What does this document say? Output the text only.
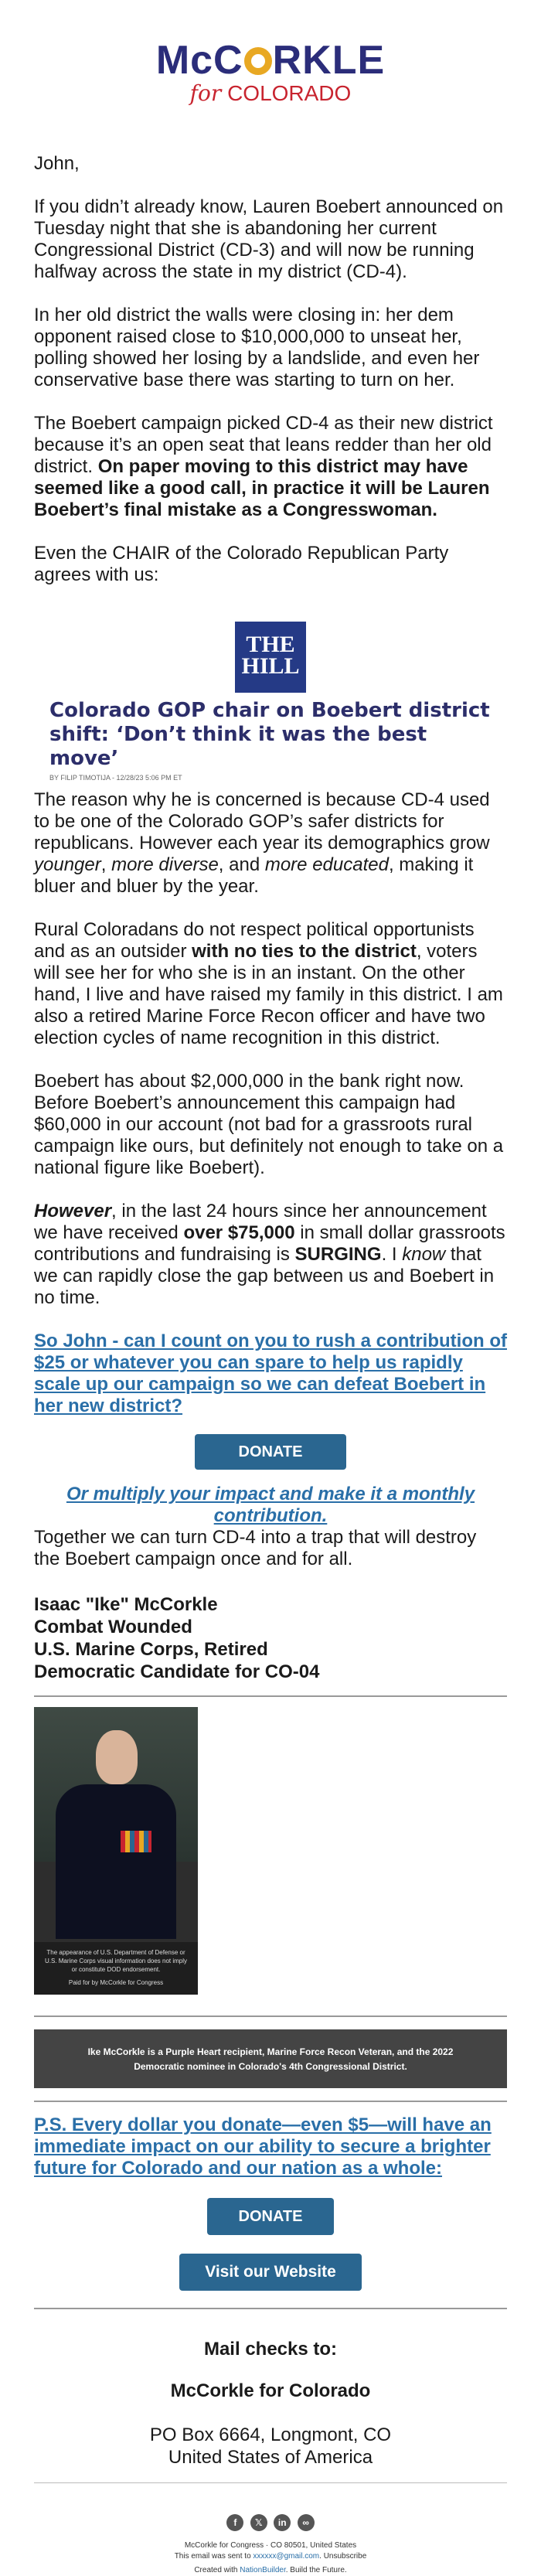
McC RKLE
for COLORADO

John,

If you didn’t already know, Lauren Boebert announced on Tuesday night that she is abandoning her current Congressional District (CD-3) and will now be running halfway across the state in my district (CD-4).

In her old district the walls were closing in: her dem opponent raised close to $10,000,000 to unseat her, polling showed her losing by a landslide, and even her conservative base there was starting to turn on her.

The Boebert campaign picked CD-4 as their new district because it’s an open seat that leans redder than her old district. On paper moving to this district may have seemed like a good call, in practice it will be Lauren Boebert’s final mistake as a Congresswoman.

Even the CHAIR of the Colorado Republican Party agrees with us:

THE
HILL
Colorado GOP chair on Boebert district shift: ‘Don’t think it was the best move’
BY FILIP TIMOTIJA - 12/28/23 5:06 PM ET

The reason why he is concerned is because CD-4 used to be one of the Colorado GOP’s safer districts for republicans. However each year its demographics grow younger, more diverse, and more educated, making it bluer and bluer by the year.

Rural Coloradans do not respect political opportunists and as an outsider with no ties to the district, voters will see her for who she is in an instant. On the other hand, I live and have raised my family in this district. I am also a retired Marine Force Recon officer and have two election cycles of name recognition in this district.

Boebert has about $2,000,000 in the bank right now. Before Boebert’s announcement this campaign had $60,000 in our account (not bad for a grassroots rural campaign like ours, but definitely not enough to take on a national figure like Boebert).

However, in the last 24 hours since her announcement we have received over $75,000 in small dollar grassroots contributions and fundraising is SURGING. I know that we can rapidly close the gap between us and Boebert in no time.

So John - can I count on you to rush a contribution of $25 or whatever you can spare to help us rapidly scale up our campaign so we can defeat Boebert in her new district?
DONATE
Or multiply your impact and make it a monthly contribution.

Together we can turn CD-4 into a trap that will destroy the Boebert campaign once and for all.

Isaac "Ike" McCorkle
Combat Wounded
U.S. Marine Corps, Retired
Democratic Candidate for CO-04
The appearance of U.S. Department of Defense or U.S. Marine Corps visual information does not imply or constitute DOD endorsement.
Paid for by McCorkle for Congress
Ike McCorkle is a Purple Heart recipient, Marine Force Recon Veteran, and the 2022 Democratic nominee in Colorado's 4th Congressional District.
P.S. Every dollar you donate—even $5—will have an immediate impact on our ability to secure a brighter future for Colorado and our nation as a whole:
DONATE
Visit our Website
Mail checks to:
McCorkle for Colorado
PO Box 6664, Longmont, CO
United States of America
f 𝕏 in ∞
McCorkle for Congress · CO 80501, United States
This email was sent to xxxxxx@gmail.com. Unsubscribe
Created with NationBuilder. Build the Future.
